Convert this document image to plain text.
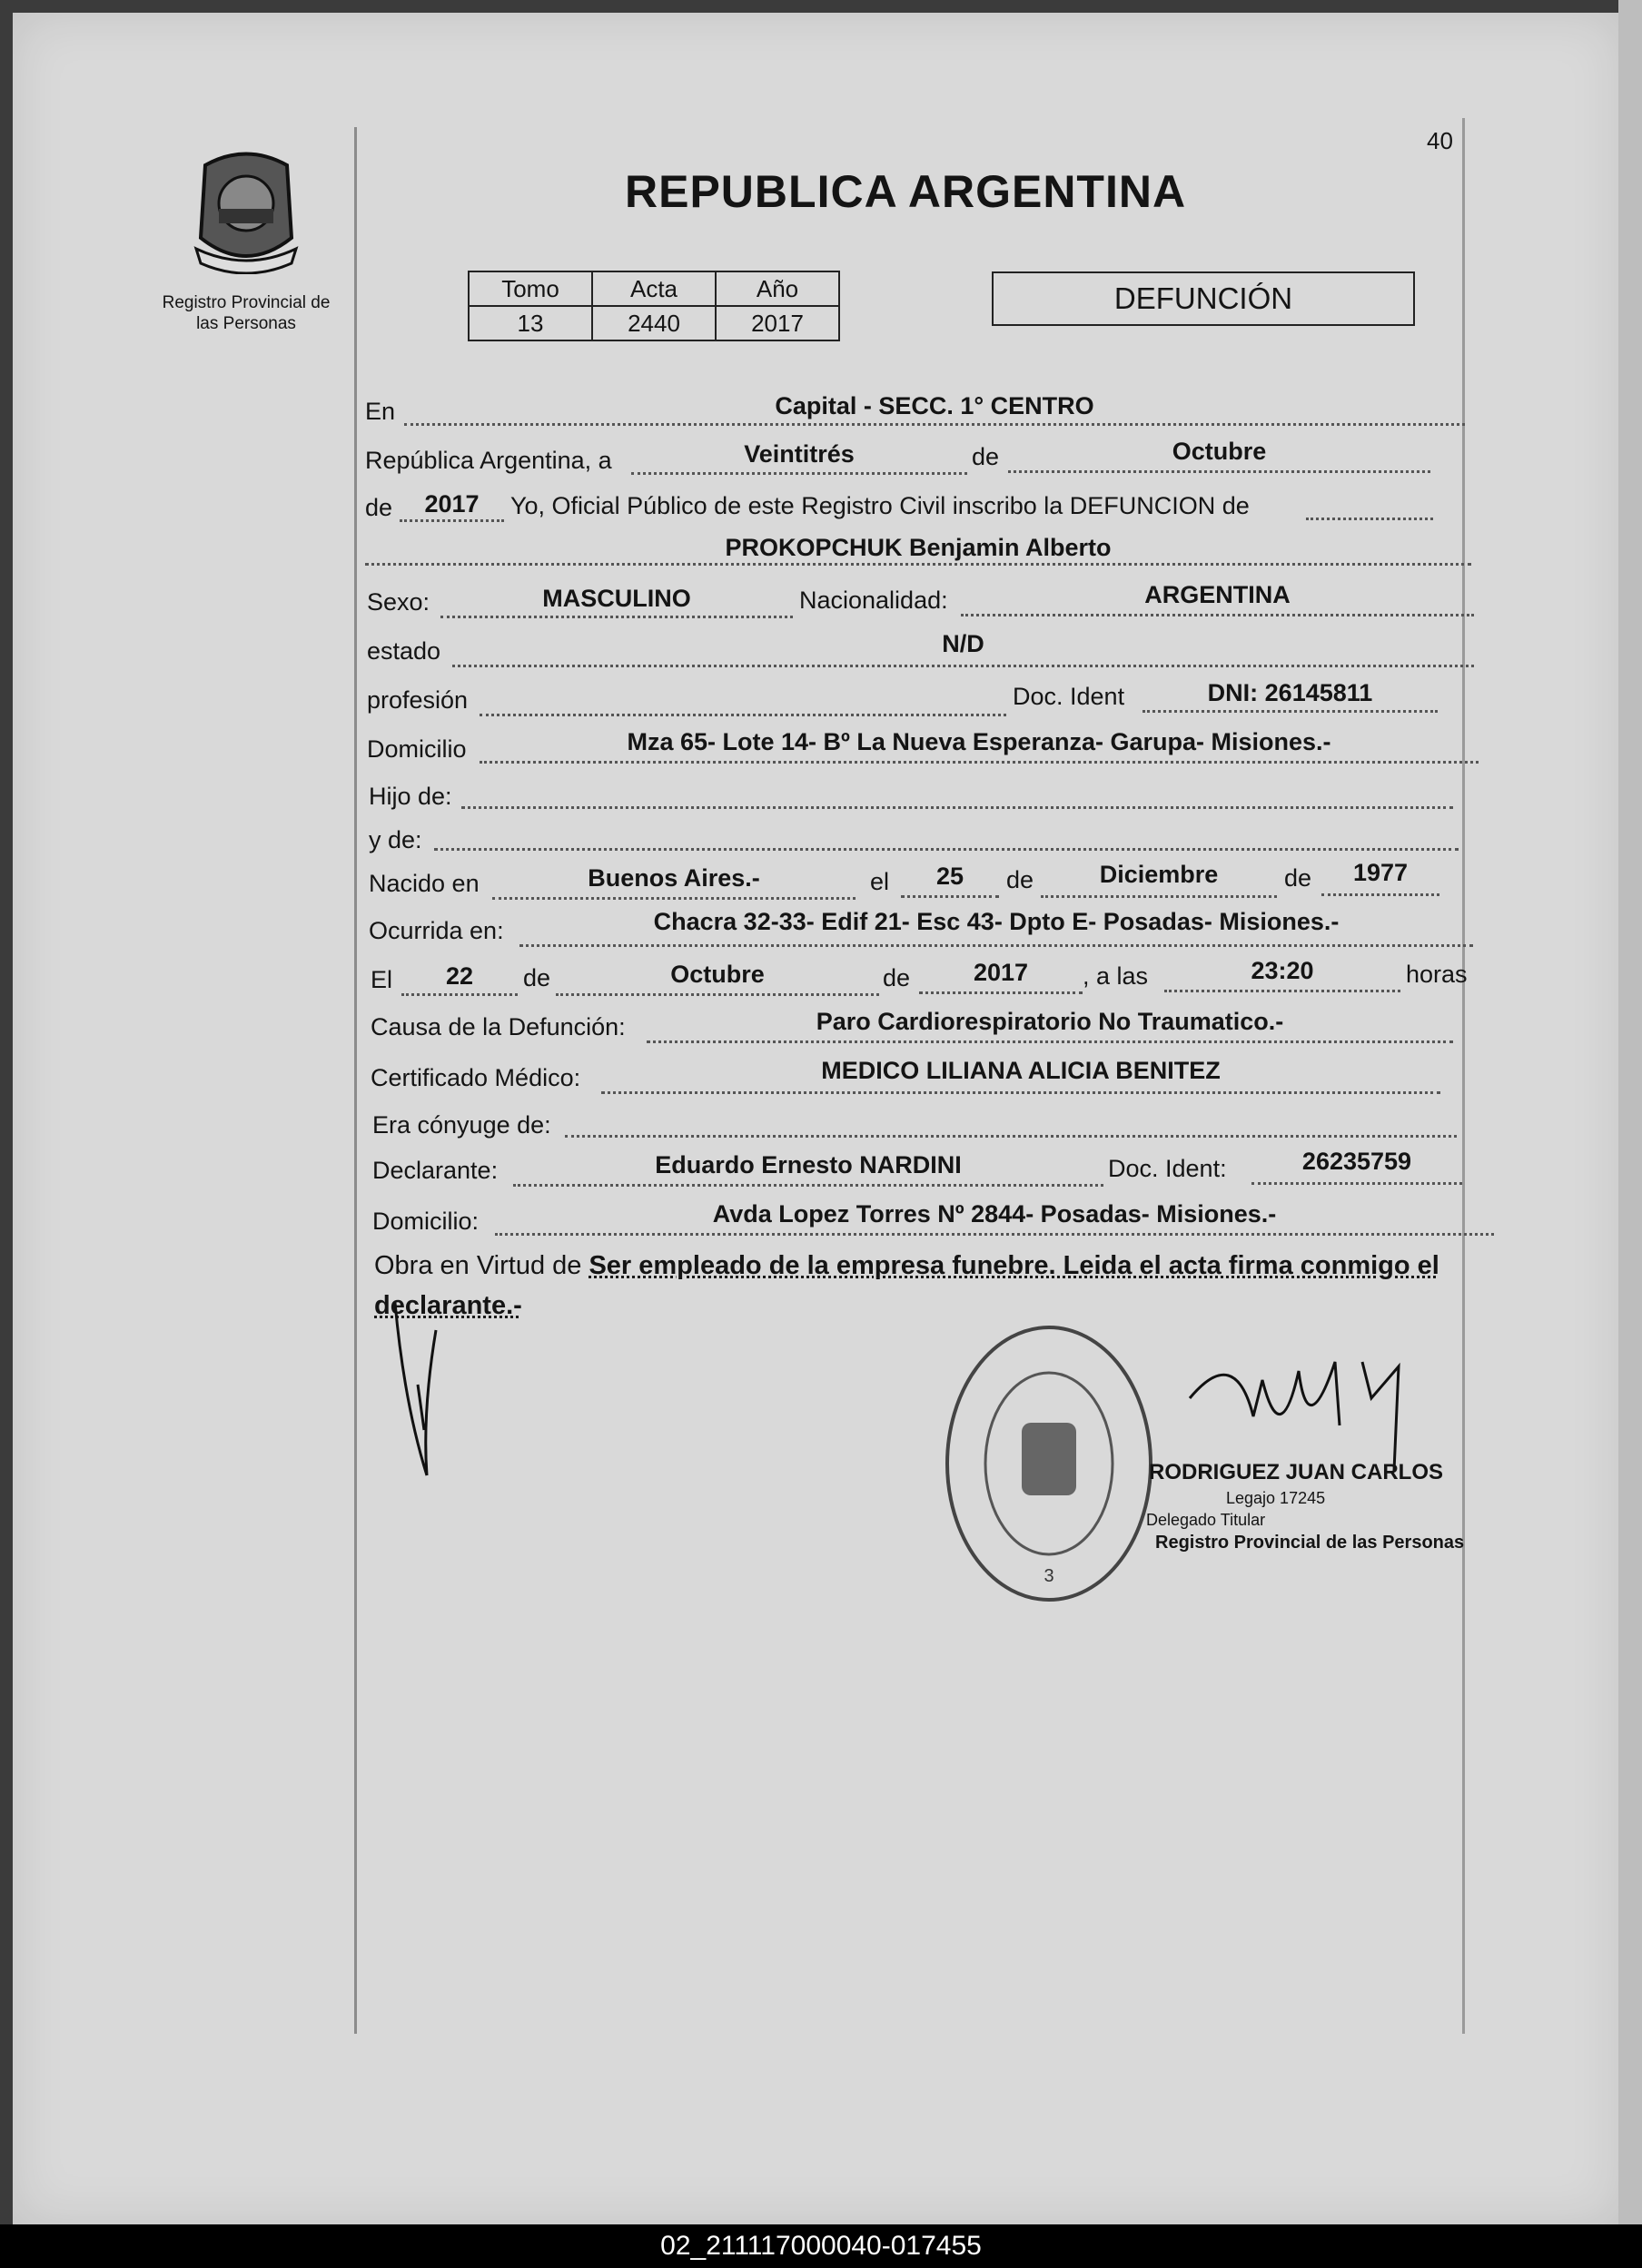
40
Registro Provincial de
las Personas
REPUBLICA ARGENTINA
Tomo	Acta	Año
13	2440	2017
DEFUNCIÓN
En	Capital - SECC. 1° CENTRO
República Argentina, a	Veintitrés	de	Octubre
de	2017	Yo, Oficial Público de este Registro Civil inscribo la DEFUNCION de
PROKOPCHUK Benjamin Alberto
Sexo:	MASCULINO	Nacionalidad:	ARGENTINA
estado	N/D
profesión	Doc. Ident	DNI: 26145811
Domicilio	Mza 65- Lote 14- Bº La Nueva Esperanza- Garupa- Misiones.-
Hijo de:
y de:
Nacido en	Buenos Aires.-	el	25	de	Diciembre	de	1977
Ocurrida en:	Chacra 32-33- Edif 21- Esc 43- Dpto E- Posadas- Misiones.-
El	22	de	Octubre	de	2017	, a las	23:20	horas
Causa de la Defunción:	Paro Cardiorespiratorio No Traumatico.-
Certificado Médico:	MEDICO LILIANA ALICIA BENITEZ
Era cónyuge de:
Declarante:	Eduardo Ernesto NARDINI	Doc. Ident:	26235759
Domicilio:	Avda Lopez Torres Nº 2844- Posadas- Misiones.-
Obra en Virtud de Ser empleado de la empresa funebre. Leida el acta firma conmigo el declarante.-
3
RODRIGUEZ JUAN CARLOS
Legajo 17245
Delegado Titular
Registro Provincial de las Personas
02_211117000040-017455
